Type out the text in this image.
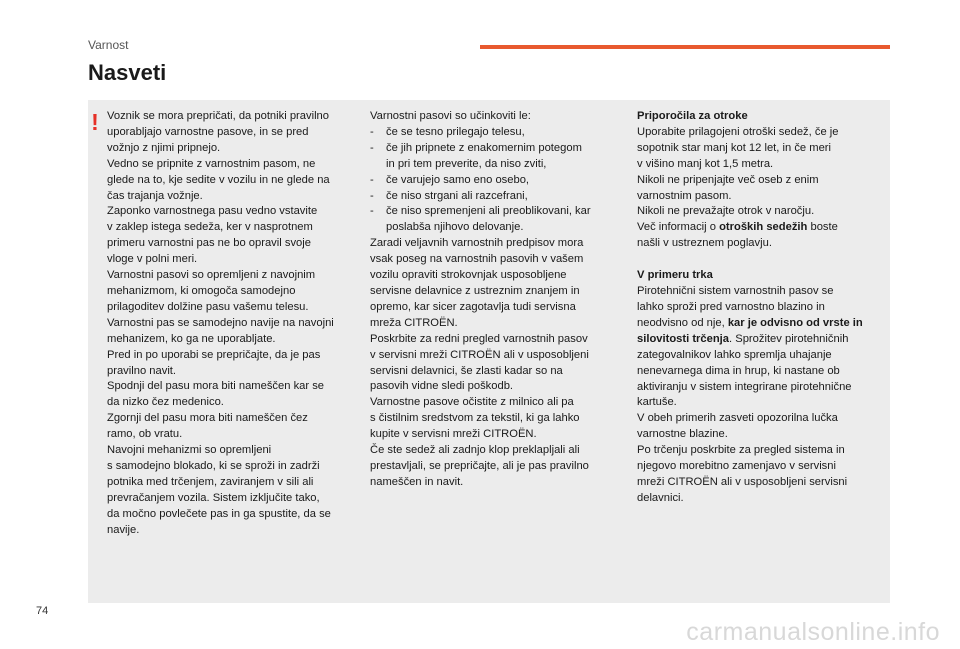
Varnost
Nasveti
! Voznik se mora prepričati, da potniki pravilno

uporabljajo varnostne pasove, in se pred

vožnjo z njimi pripnejo.

Vedno se pripnite z varnostnim pasom, ne

glede na to, kje sedite v vozilu in ne glede na

čas trajanja vožnje.

Zaponko varnostnega pasu vedno vstavite

v zaklep istega sedeža, ker v nasprotnem

primeru varnostni pas ne bo opravil svoje

vloge v polni meri.

Varnostni pasovi so opremljeni z navojnim

mehanizmom, ki omogoča samodejno

prilagoditev dolžine pasu vašemu telesu.

Varnostni pas se samodejno navije na navojni

mehanizem, ko ga ne uporabljate.

Pred in po uporabi se prepričajte, da je pas

pravilno navit.

Spodnji del pasu mora biti nameščen kar se

da nizko čez medenico.

Zgornji del pasu mora biti nameščen čez

ramo, ob vratu.

Navojni mehanizmi so opremljeni

s samodejno blokado, ki se sproži in zadrži

potnika med trčenjem, zaviranjem v sili ali

prevračanjem vozila. Sistem izključite tako,

da močno povlečete pas in ga spustite, da se

navije.

Varnostni pasovi so učinkoviti le:

-	če se tesno prilegajo telesu,

-	če jih pripnete z enakomernim potegom

in pri tem preverite, da niso zviti,

-	če varujejo samo eno osebo,

-	če niso strgani ali razcefrani,

-	če niso spremenjeni ali preoblikovani, kar

poslabša njihovo delovanje.

Zaradi veljavnih varnostnih predpisov mora

vsak poseg na varnostnih pasovih v vašem

vozilu opraviti strokovnjak usposobljene

servisne delavnice z ustreznim znanjem in

opremo, kar sicer zagotavlja tudi servisna

mreža CITROËN.

Poskrbite za redni pregled varnostnih pasov

v servisni mreži CITROËN ali v usposobljeni

servisni delavnici, še zlasti kadar so na

pasovih vidne sledi poškodb.

Varnostne pasove očistite z milnico ali pa

s čistilnim sredstvom za tekstil, ki ga lahko

kupite v servisni mreži CITROËN.

Če ste sedež ali zadnjo klop preklapljali ali

prestavljali, se prepričajte, ali je pas pravilno

nameščen in navit.

Priporočila za otroke

Uporabite prilagojeni otroški sedež, če je

sopotnik star manj kot 12 let, in če meri

v višino manj kot 1,5 metra.

Nikoli ne pripenjajte več oseb z enim

varnostnim pasom.

Nikoli ne prevažajte otrok v naročju.

Več informacij o otroških sedežih boste

našli v ustreznem poglavju.

V primeru trka

Pirotehnični sistem varnostnih pasov se

lahko sproži pred varnostno blazino in

neodvisno od nje, kar je odvisno od vrste in

silovitosti trčenja. Sprožitev pirotehničnih

zategovalnikov lahko spremlja uhajanje

nenevarnega dima in hrup, ki nastane ob

aktiviranju v sistem integrirane pirotehnične

kartuše.

V obeh primerih zasveti opozorilna lučka

varnostne blazine.

Po trčenju poskrbite za pregled sistema in

njegovo morebitno zamenjavo v servisni

mreži CITROËN ali v usposobljeni servisni

delavnici.

74
carmanualsonline.info
